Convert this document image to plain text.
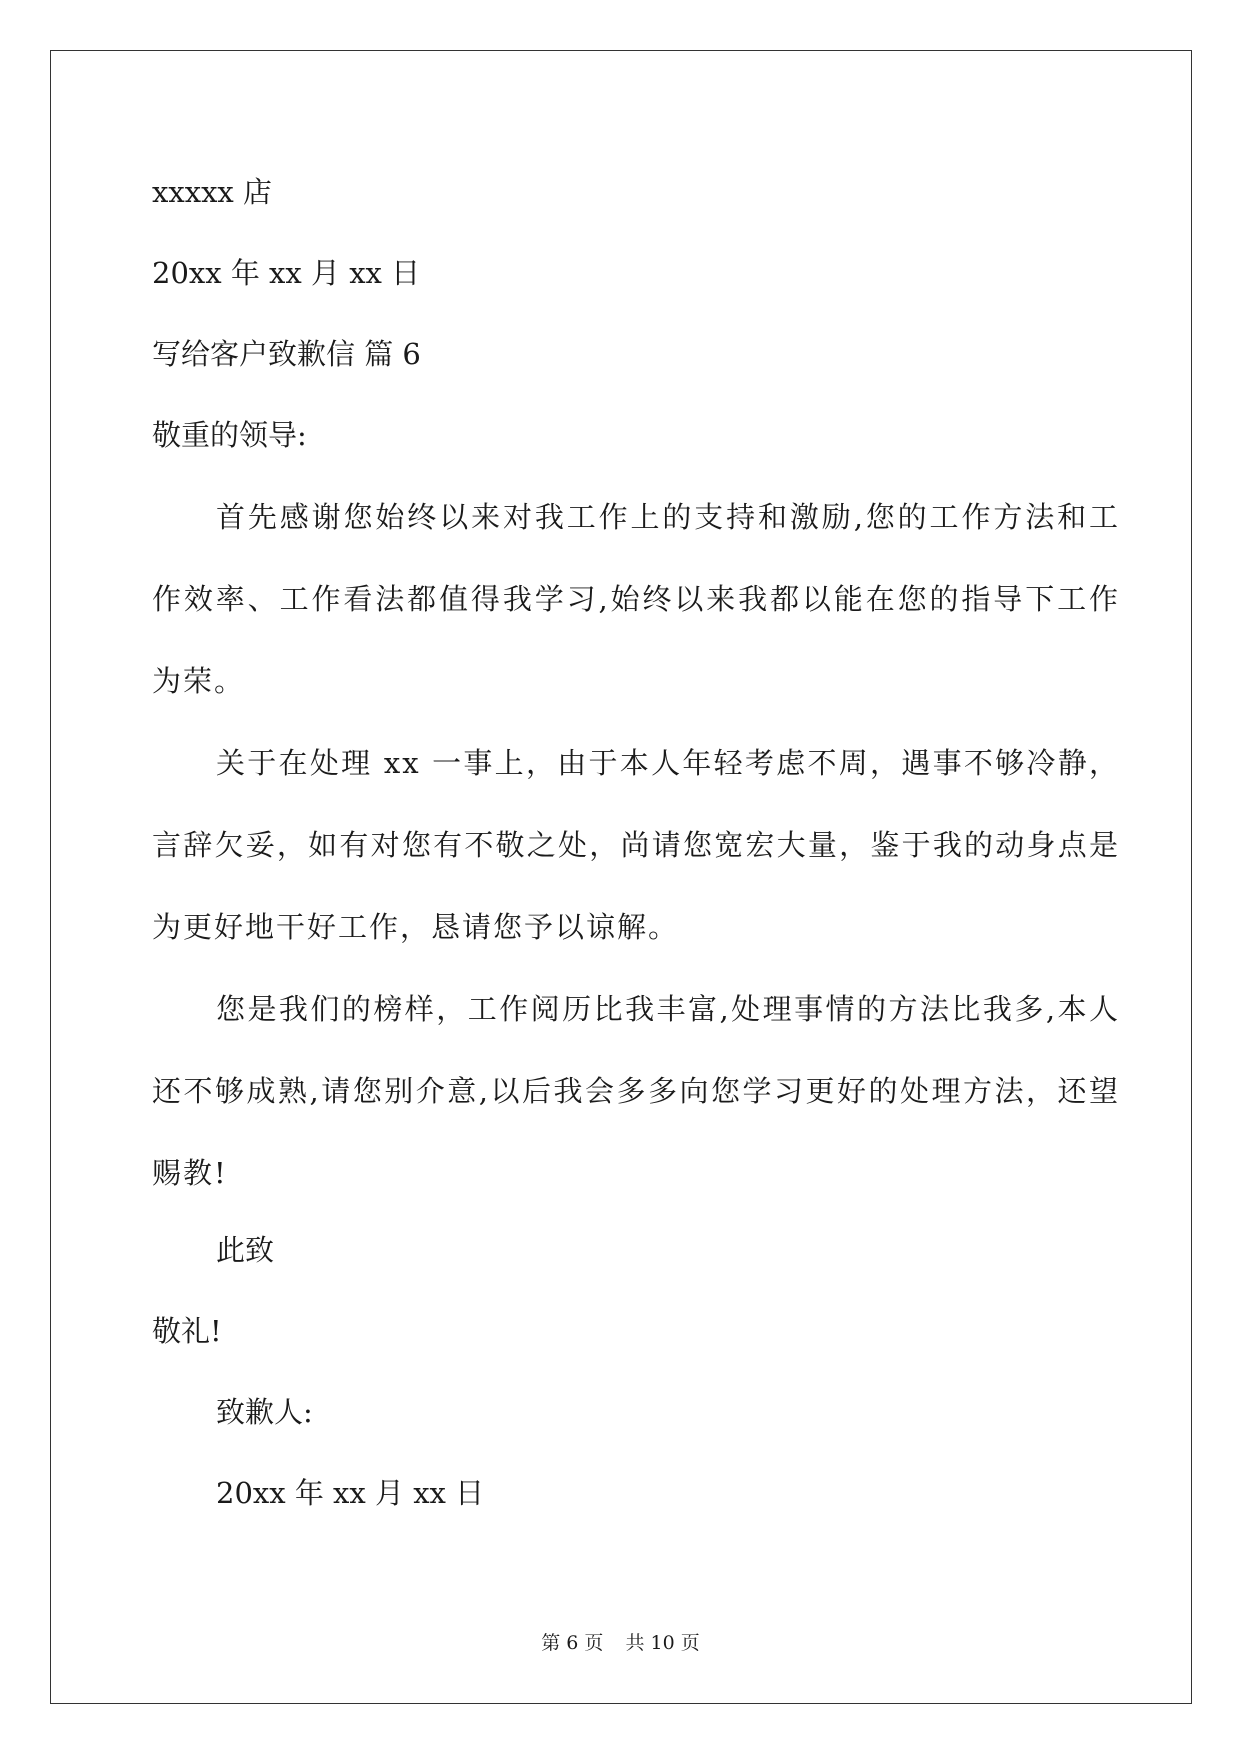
xxxxx 店
20xx 年 xx 月 xx 日
写给客户致歉信 篇 6
敬重的领导:
首先感谢您始终以来对我工作上的支持和激励,您的工作方法和工作效率、工作看法都值得我学习,始终以来我都以能在您的指导下工作为荣。
关于在处理 xx 一事上，由于本人年轻考虑不周，遇事不够冷静，言辞欠妥，如有对您有不敬之处，尚请您宽宏大量，鉴于我的动身点是为更好地干好工作，恳请您予以谅解。
您是我们的榜样，工作阅历比我丰富,处理事情的方法比我多,本人还不够成熟,请您别介意,以后我会多多向您学习更好的处理方法，还望赐教!
此致
敬礼!
致歉人:
20xx 年 xx 月 xx 日
第 6 页 共 10 页
